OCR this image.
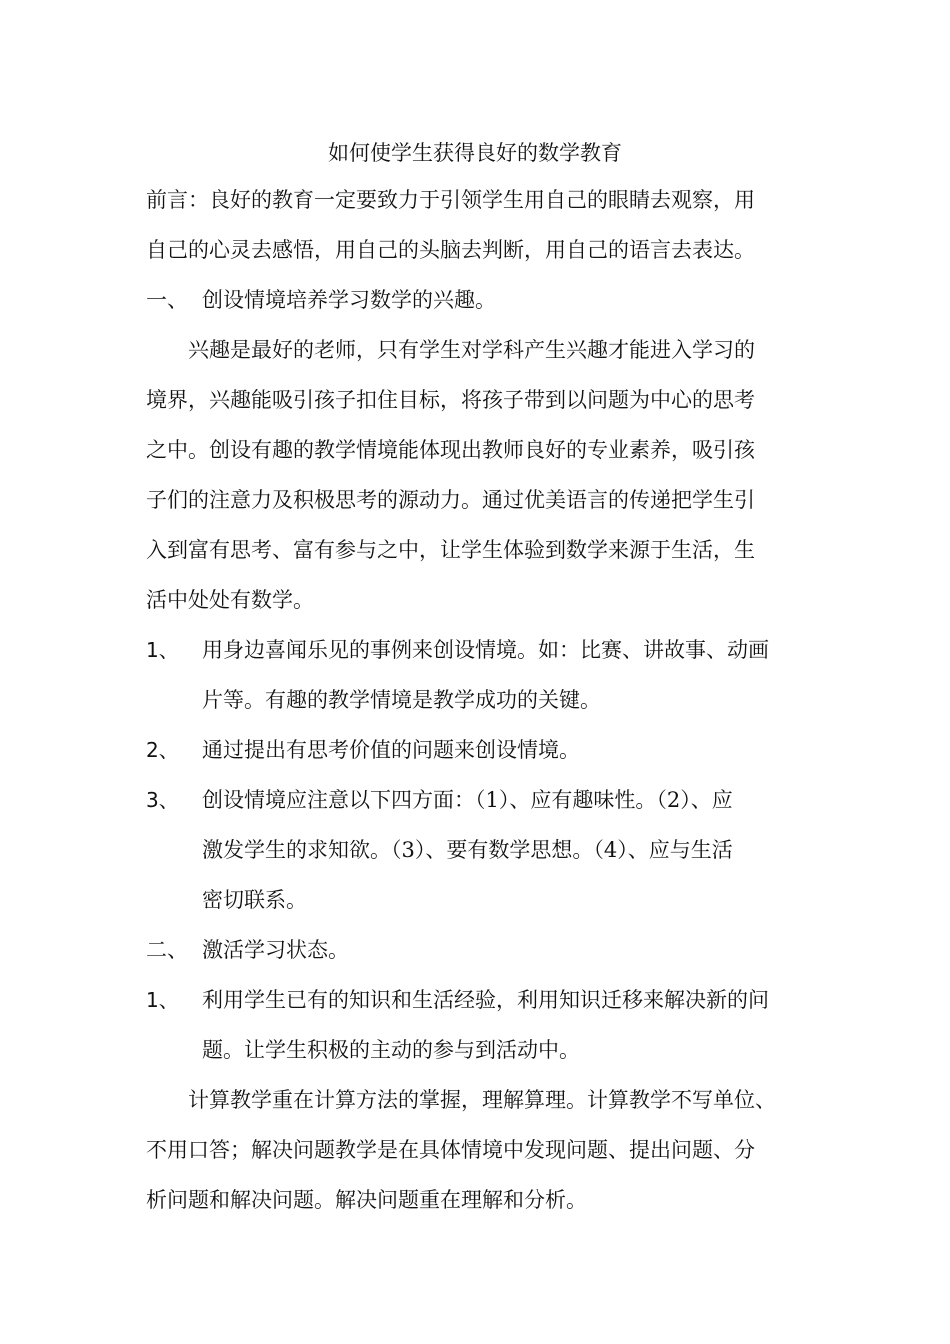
如何使学生获得良好的数学教育

前言：良好的教育一定要致力于引领学生用自己的眼睛去观察，用

自己的心灵去感悟，用自己的头脑去判断，用自己的语言去表达。

一、 创设情境培养学习数学的兴趣。

兴趣是最好的老师，只有学生对学科产生兴趣才能进入学习的

境界，兴趣能吸引孩子扣住目标，将孩子带到以问题为中心的思考

之中。创设有趣的教学情境能体现出教师良好的专业素养，吸引孩

子们的注意力及积极思考的源动力。通过优美语言的传递把学生引

入到富有思考、富有参与之中，让学生体验到数学来源于生活，生

活中处处有数学。

1、 用身边喜闻乐见的事例来创设情境。如：比赛、讲故事、动画

片等。有趣的教学情境是教学成功的关键。

2、 通过提出有思考价值的问题来创设情境。

3、 创设情境应注意以下四方面：（1）、应有趣味性。（2）、应

激发学生的求知欲。（3）、要有数学思想。（4）、应与生活

密切联系。

二、 激活学习状态。

1、 利用学生已有的知识和生活经验，利用知识迁移来解决新的问

题。让学生积极的主动的参与到活动中。

计算教学重在计算方法的掌握，理解算理。计算教学不写单位、

不用口答；解决问题教学是在具体情境中发现问题、提出问题、分

析问题和解决问题。解决问题重在理解和分析。
